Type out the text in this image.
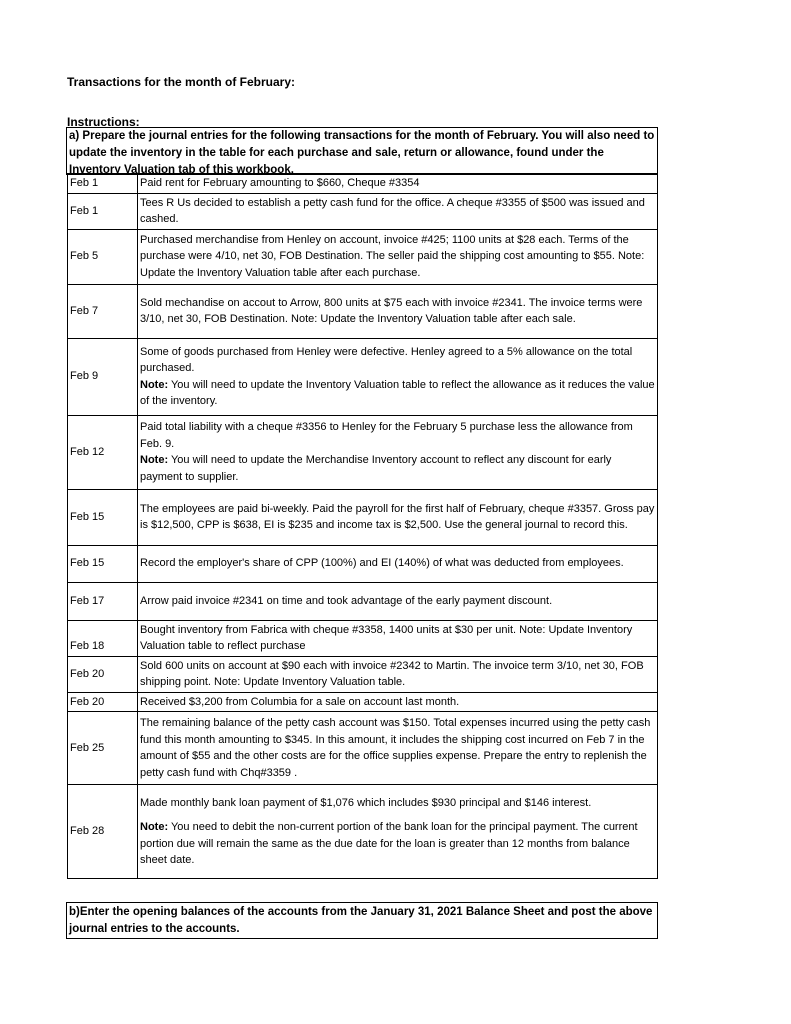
Transactions for the month of February:
Instructions:
a) Prepare the journal entries for the following transactions for the month of February. You will also need to update the inventory in the table for each purchase and sale, return or allowance, found under the Inventory Valuation tab of this workbook.
Feb 1	Paid rent for February amounting to $660, Cheque #3354
Feb 1	Tees R Us decided to establish a petty cash fund for the office. A cheque #3355 of $500 was issued and cashed.
Feb 5	Purchased merchandise from Henley on account, invoice #425; 1100 units at $28 each. Terms of the purchase were 4/10, net 30, FOB Destination. The seller paid the shipping cost amounting to $55. Note: Update the Inventory Valuation table after each purchase.
Feb 7	Sold mechandise on accout to Arrow, 800 units at $75 each with invoice #2341. The invoice terms were 3/10, net 30, FOB Destination. Note: Update the Inventory Valuation table after each sale.
Feb 9	Some of goods purchased from Henley were defective. Henley agreed to a 5% allowance on the total purchased.

Note: You will need to update the Inventory Valuation table to reflect the allowance as it reduces the value of the inventory.

Feb 12	Paid total liability with a cheque #3356 to Henley for the February 5 purchase less the allowance from Feb. 9.

Note: You will need to update the Merchandise Inventory account to reflect any discount for early payment to supplier.

Feb 15	The employees are paid bi-weekly. Paid the payroll for the first half of February, cheque #3357. Gross pay is $12,500, CPP is $638, EI is $235 and income tax is $2,500. Use the general journal to record this.
Feb 15	Record the employer's share of CPP (100%) and EI (140%) of what was deducted from employees.
Feb 17	Arrow paid invoice #2341 on time and took advantage of the early payment discount.
Feb 18	Bought inventory from Fabrica with cheque #3358, 1400 units at $30 per unit. Note: Update Inventory Valuation table to reflect purchase
Feb 20	Sold 600 units on account at $90 each with invoice #2342 to Martin. The invoice term 3/10, net 30, FOB shipping point. Note: Update Inventory Valuation table.
Feb 20	Received $3,200 from Columbia for a sale on account last month.
Feb 25	The remaining balance of the petty cash account was $150. Total expenses incurred using the petty cash fund this month amounting to $345. In this amount, it includes the shipping cost incurred on Feb 7 in the amount of $55 and the other costs are for the office supplies expense. Prepare the entry to replenish the petty cash fund with Chq#3359 .
Feb 28	Made monthly bank loan payment of $1,076 which includes $930 principal and $146 interest.

Note: You need to debit the non-current portion of the bank loan for the principal payment. The current portion due will remain the same as the due date for the loan is greater than 12 months from balance sheet date.

b)Enter the opening balances of the accounts from the January 31, 2021 Balance Sheet and post the above journal entries to the accounts.
